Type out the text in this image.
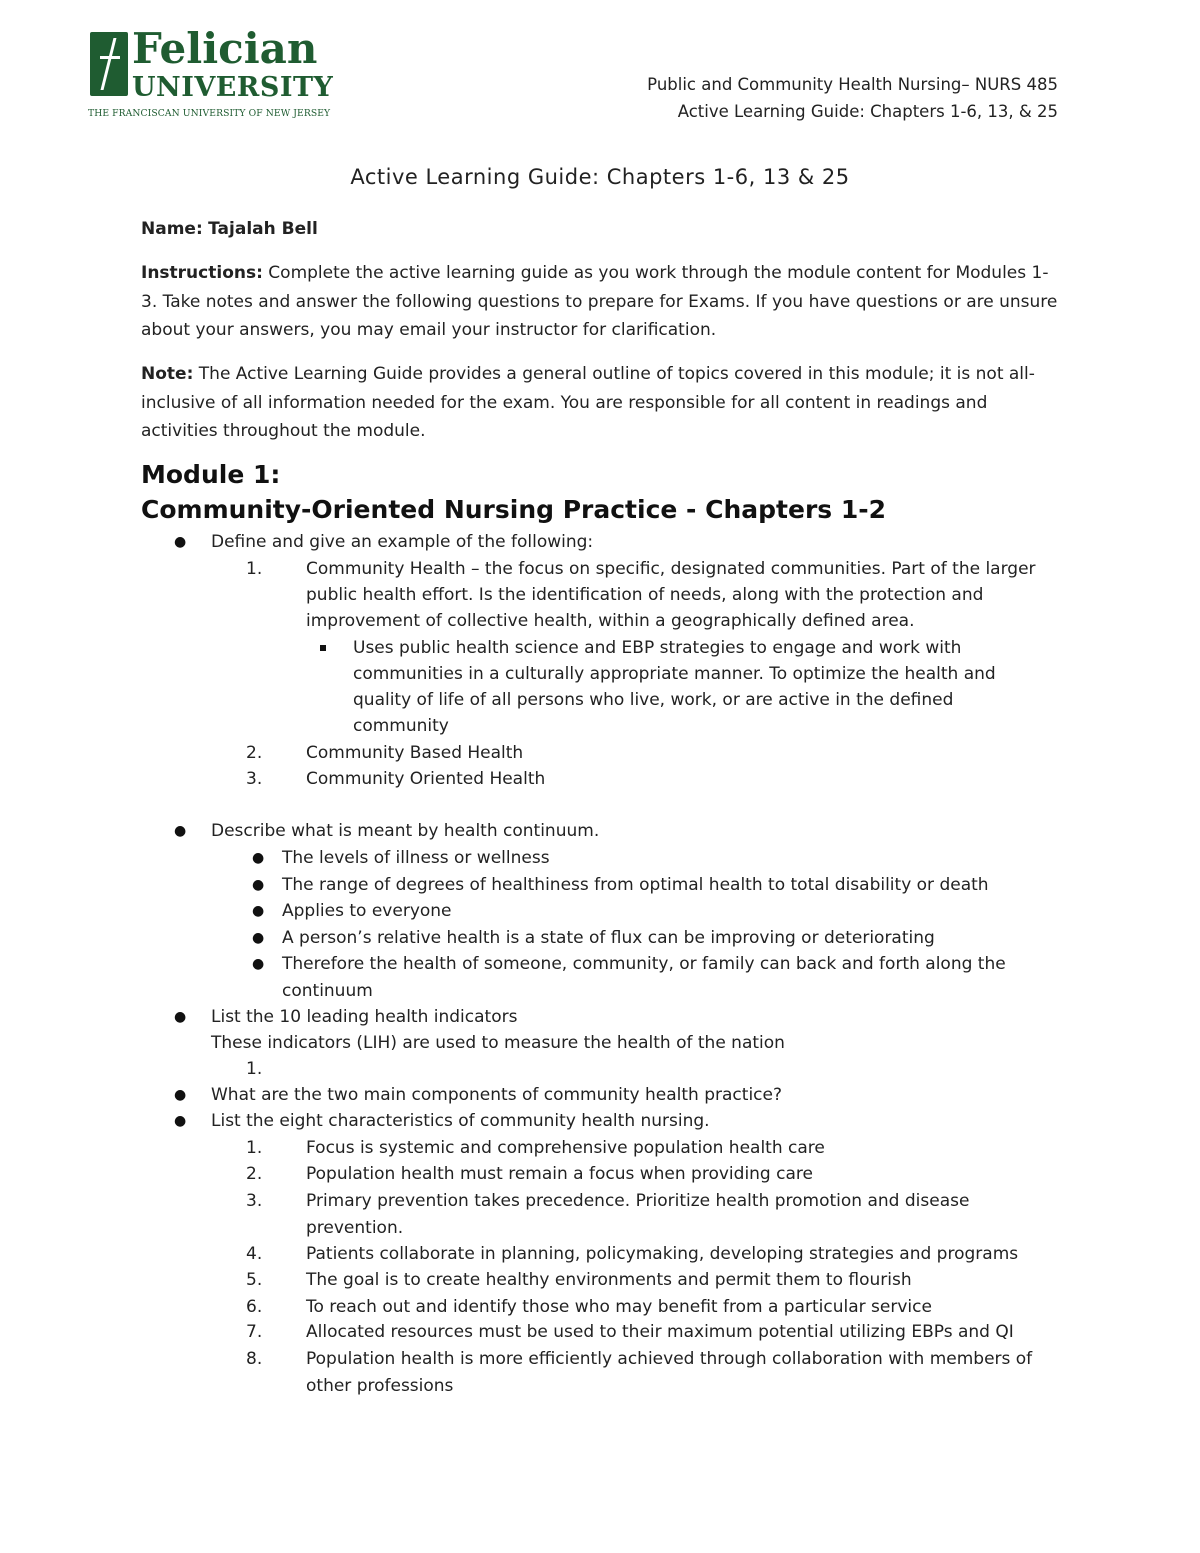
Felician
UNIVERSITY
THE FRANCISCAN UNIVERSITY OF NEW JERSEY
Public and Community Health Nursing– NURS 485
Active Learning Guide: Chapters 1-6, 13, & 25
Active Learning Guide: Chapters 1-6, 13 & 25
Name: Tajalah Bell
Instructions: Complete the active learning guide as you work through the module content for Modules 1-3. Take notes and answer the following questions to prepare for Exams. If you have questions or are unsure about your answers, you may email your instructor for clarification.
Note: The Active Learning Guide provides a general outline of topics covered in this module; it is not all-inclusive of all information needed for the exam. You are responsible for all content in readings and activities throughout the module.
Module 1:
Community-Oriented Nursing Practice - Chapters 1-2
● Define and give an example of the following:
1.	Community Health – the focus on specific, designated communities. Part of the larger
public health effort. Is the identification of needs, along with the protection and
improvement of collective health, within a geographically defined area.
Uses public health science and EBP strategies to engage and work with
communities in a culturally appropriate manner. To optimize the health and
quality of life of all persons who live, work, or are active in the defined
community
2.	Community Based Health
3.	Community Oriented Health
● Describe what is meant by health continuum.
● The levels of illness or wellness
● The range of degrees of healthiness from optimal health to total disability or death
● Applies to everyone
● A person’s relative health is a state of flux can be improving or deteriorating
● Therefore the health of someone, community, or family can back and forth along the
continuum
● List the 10 leading health indicators
These indicators (LIH) are used to measure the health of the nation
1.
● What are the two main components of community health practice?
● List the eight characteristics of community health nursing.
1.	Focus is systemic and comprehensive population health care
2.	Population health must remain a focus when providing care
3.	Primary prevention takes precedence. Prioritize health promotion and disease
prevention.
4.	Patients collaborate in planning, policymaking, developing strategies and programs
5.	The goal is to create healthy environments and permit them to flourish
6.	To reach out and identify those who may benefit from a particular service
7.	Allocated resources must be used to their maximum potential utilizing EBPs and QI
8.	Population health is more efficiently achieved through collaboration with members of
other professions
